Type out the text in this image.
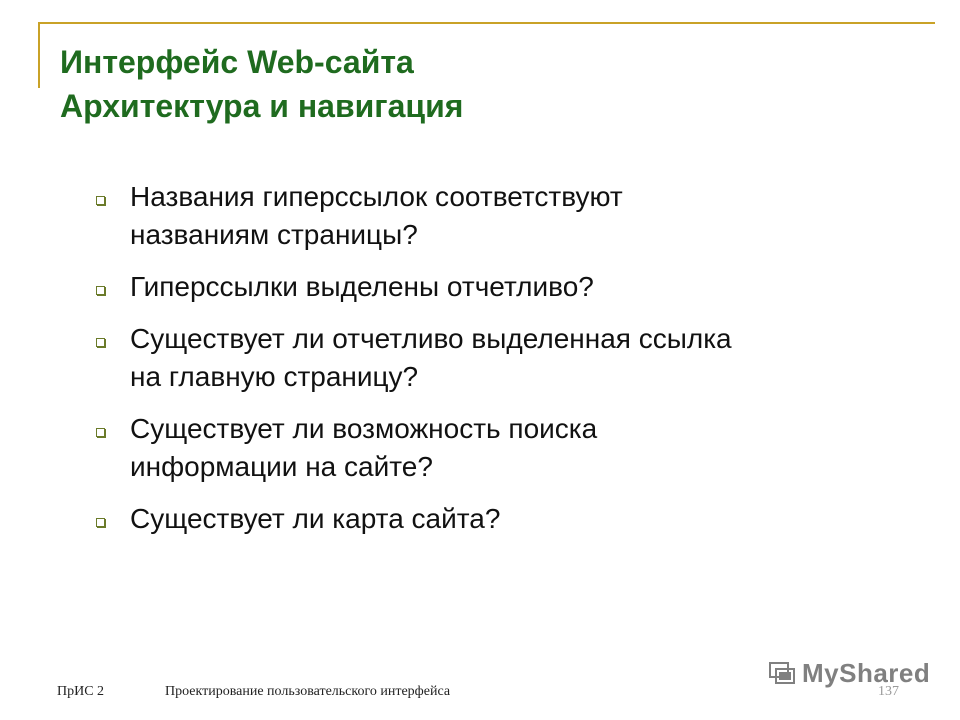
Интерфейс Web-сайта
Архитектура и навигация
Названия гиперссылок соответствуют
названиям страницы?
Гиперссылки выделены отчетливо?
Существует ли отчетливо выделенная ссылка
на главную страницу?
Существует ли возможность поиска
информации на сайте?
Существует ли карта сайта?
ПрИС 2	Проектирование пользовательского интерфейса	137
MyShared
